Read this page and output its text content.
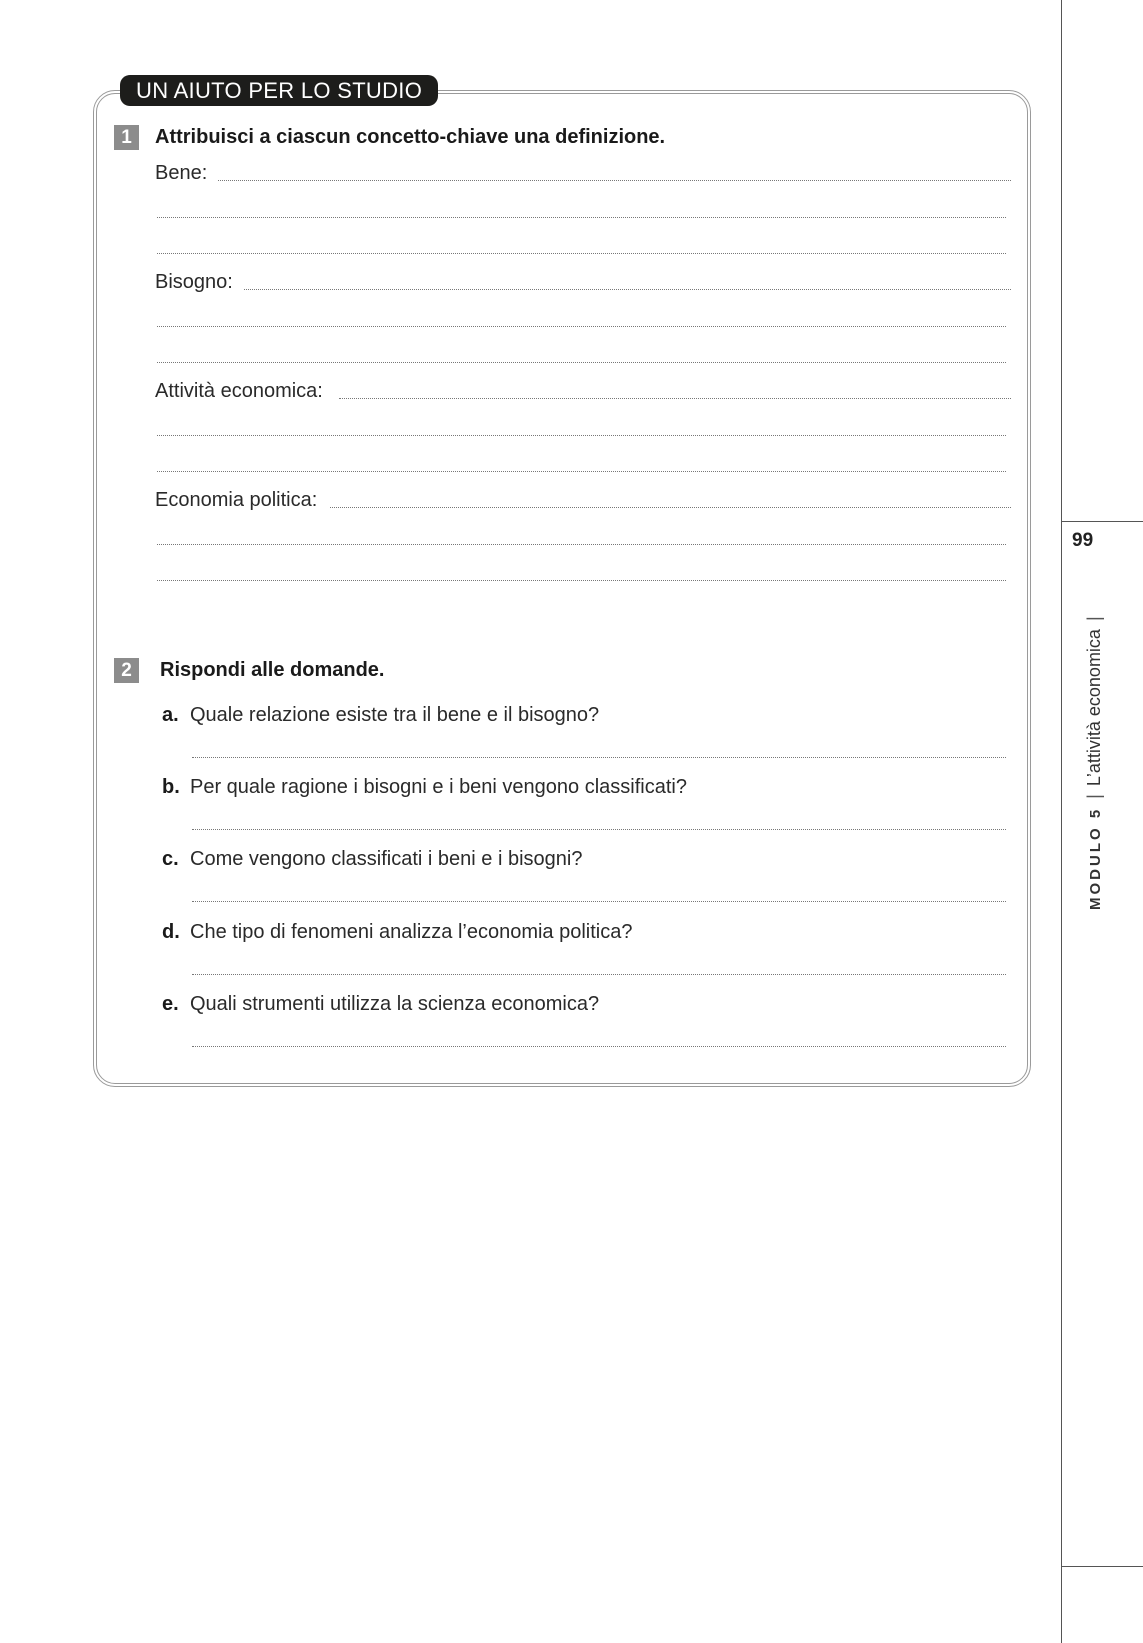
99
MODULO 5|L’attività economica|
UN AIUTO PER LO STUDIO
1	Attribuisci a ciascun concetto-chiave una definizione.
Bene:
Bisogno:
Attività economica:
Economia politica:
2	Rispondi alle domande.
a. Quale relazione esiste tra il bene e il bisogno?
b. Per quale ragione i bisogni e i beni vengono classificati?
c. Come vengono classificati i beni e i bisogni?
d. Che tipo di fenomeni analizza l’economia politica?
e. Quali strumenti utilizza la scienza economica?
